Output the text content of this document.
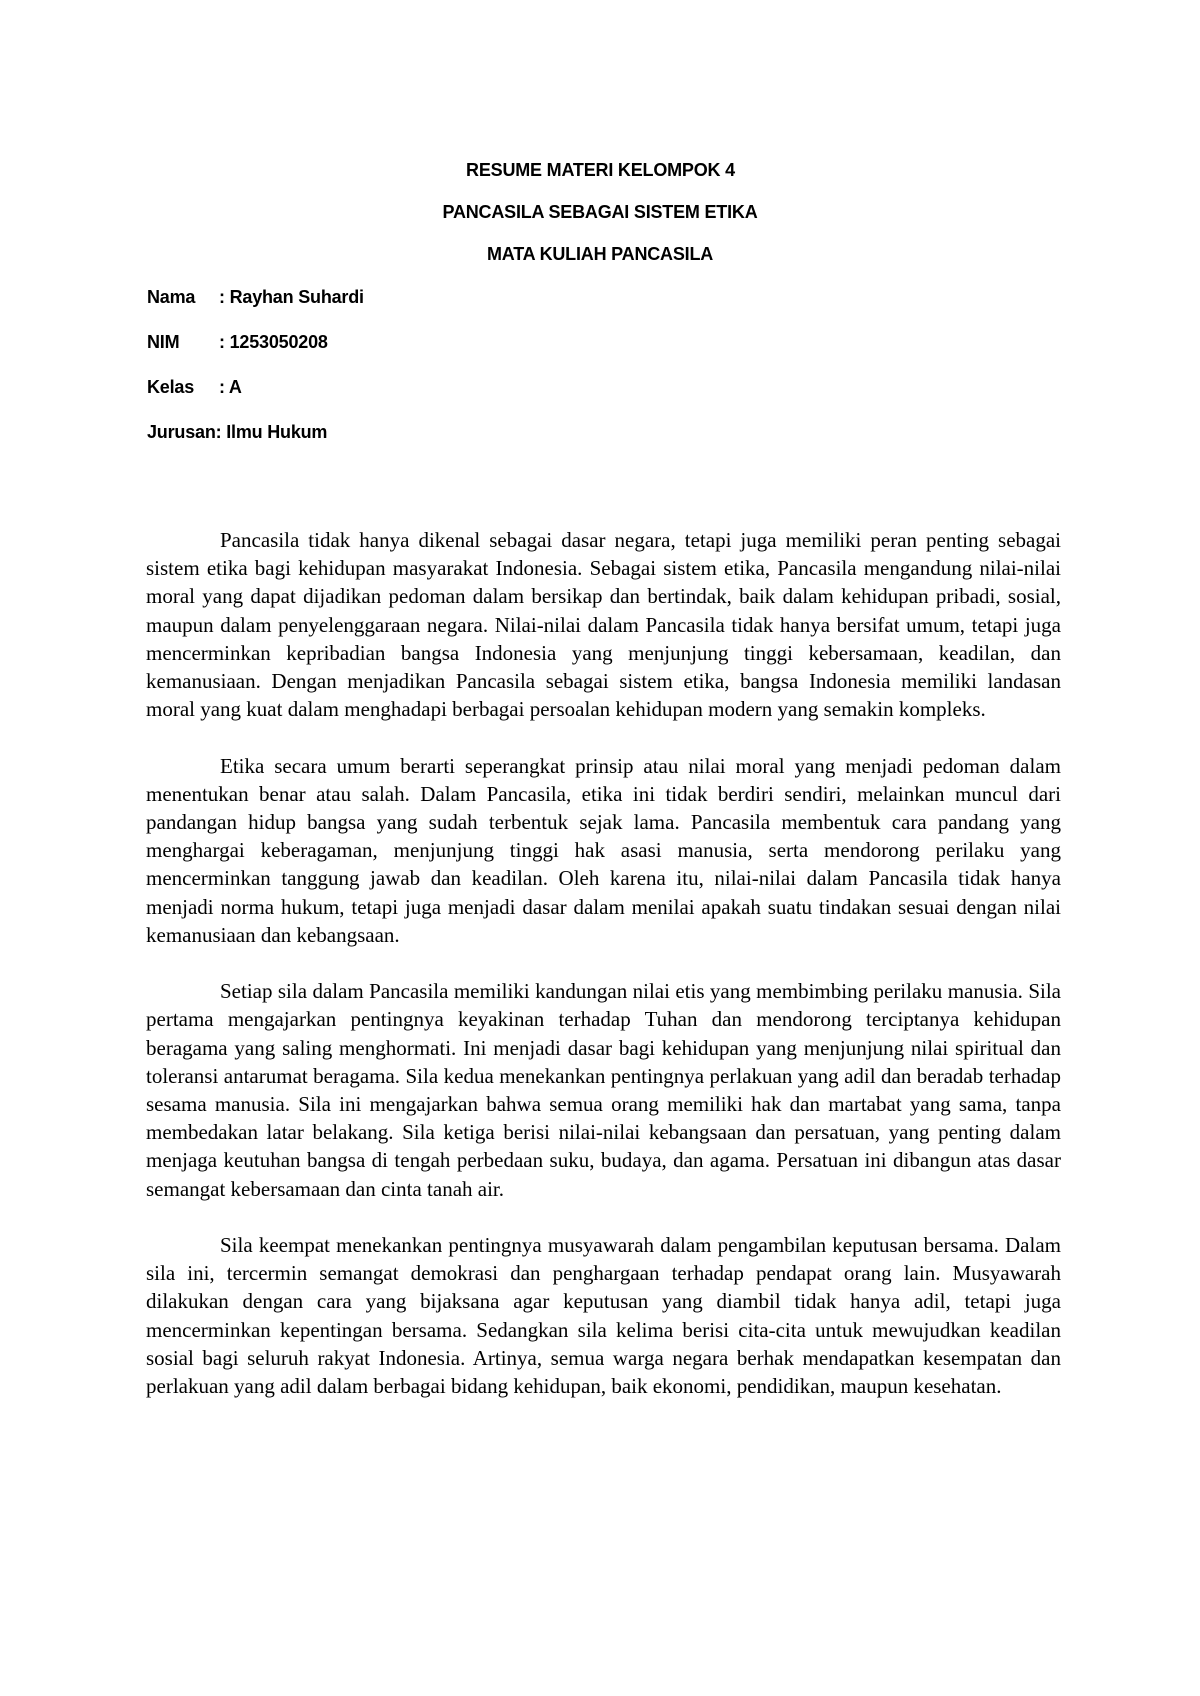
RESUME MATERI KELOMPOK 4
PANCASILA SEBAGAI SISTEM ETIKA
MATA KULIAH PANCASILA
Nama : Rayhan Suhardi
NIM : 1253050208
Kelas : A
Jurusan: Ilmu Hukum

Pancasila tidak hanya dikenal sebagai dasar negara, tetapi juga memiliki peran penting sebagai sistem etika bagi kehidupan masyarakat Indonesia. Sebagai sistem etika, Pancasila mengandung nilai-nilai moral yang dapat dijadikan pedoman dalam bersikap dan bertindak, baik dalam kehidupan pribadi, sosial, maupun dalam penyelenggaraan negara. Nilai-nilai dalam Pancasila tidak hanya bersifat umum, tetapi juga mencerminkan kepribadian bangsa Indonesia yang menjunjung tinggi kebersamaan, keadilan, dan kemanusiaan. Dengan menjadikan Pancasila sebagai sistem etika, bangsa Indonesia memiliki landasan moral yang kuat dalam menghadapi berbagai persoalan kehidupan modern yang semakin kompleks.

Etika secara umum berarti seperangkat prinsip atau nilai moral yang menjadi pedoman dalam menentukan benar atau salah. Dalam Pancasila, etika ini tidak berdiri sendiri, melainkan muncul dari pandangan hidup bangsa yang sudah terbentuk sejak lama. Pancasila membentuk cara pandang yang menghargai keberagaman, menjunjung tinggi hak asasi manusia, serta mendorong perilaku yang mencerminkan tanggung jawab dan keadilan. Oleh karena itu, nilai-nilai dalam Pancasila tidak hanya menjadi norma hukum, tetapi juga menjadi dasar dalam menilai apakah suatu tindakan sesuai dengan nilai kemanusiaan dan kebangsaan.

Setiap sila dalam Pancasila memiliki kandungan nilai etis yang membimbing perilaku manusia. Sila pertama mengajarkan pentingnya keyakinan terhadap Tuhan dan mendorong terciptanya kehidupan beragama yang saling menghormati. Ini menjadi dasar bagi kehidupan yang menjunjung nilai spiritual dan toleransi antarumat beragama. Sila kedua menekankan pentingnya perlakuan yang adil dan beradab terhadap sesama manusia. Sila ini mengajarkan bahwa semua orang memiliki hak dan martabat yang sama, tanpa membedakan latar belakang. Sila ketiga berisi nilai-nilai kebangsaan dan persatuan, yang penting dalam menjaga keutuhan bangsa di tengah perbedaan suku, budaya, dan agama. Persatuan ini dibangun atas dasar semangat kebersamaan dan cinta tanah air.

Sila keempat menekankan pentingnya musyawarah dalam pengambilan keputusan bersama. Dalam sila ini, tercermin semangat demokrasi dan penghargaan terhadap pendapat orang lain. Musyawarah dilakukan dengan cara yang bijaksana agar keputusan yang diambil tidak hanya adil, tetapi juga mencerminkan kepentingan bersama. Sedangkan sila kelima berisi cita-cita untuk mewujudkan keadilan sosial bagi seluruh rakyat Indonesia. Artinya, semua warga negara berhak mendapatkan kesempatan dan perlakuan yang adil dalam berbagai bidang kehidupan, baik ekonomi, pendidikan, maupun kesehatan.
